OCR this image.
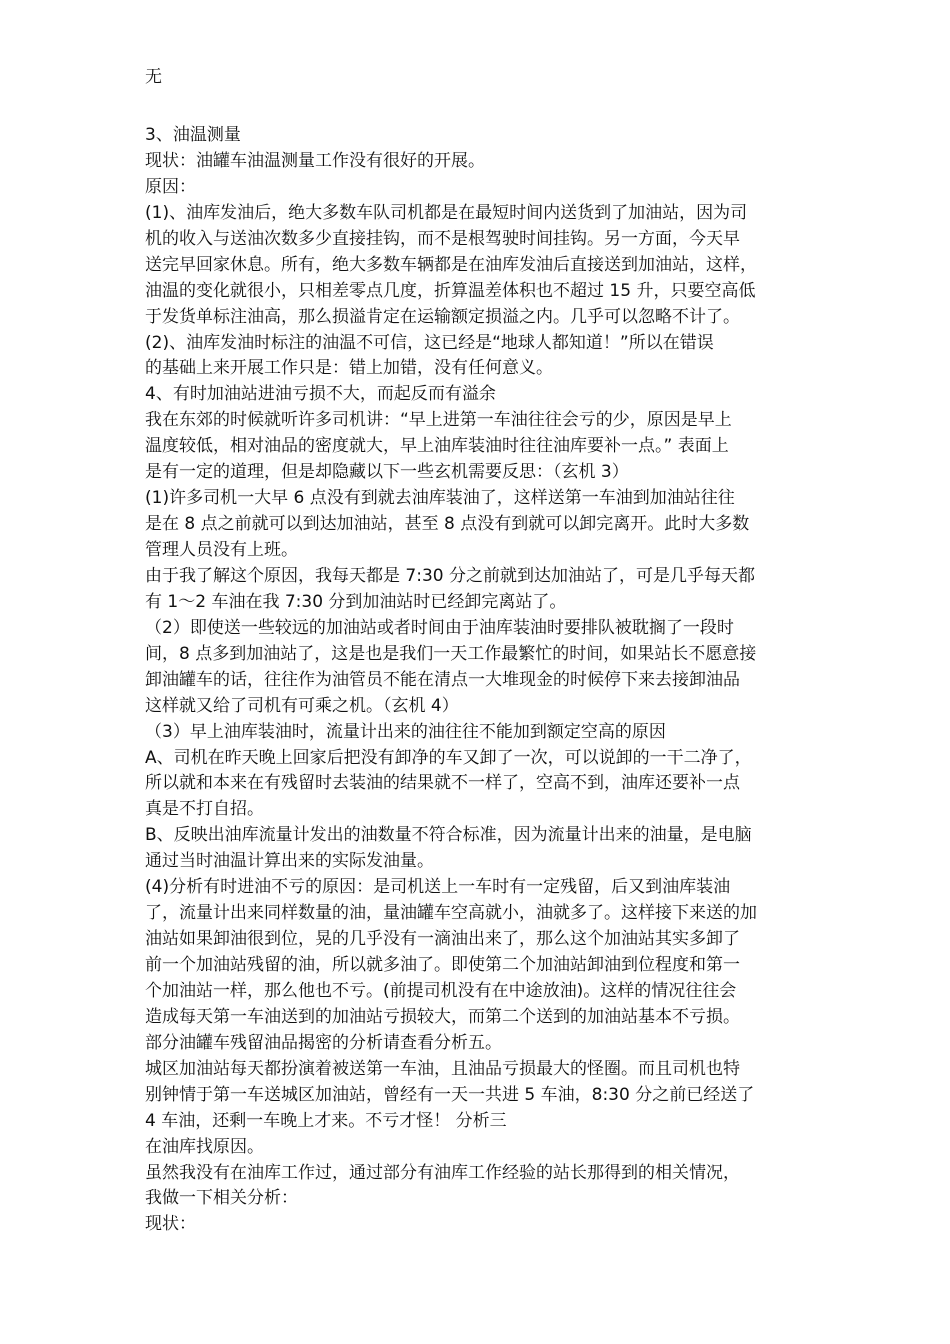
无
3、油温测量
现状：油罐车油温测量工作没有很好的开展。
原因：
(1)、油库发油后，绝大多数车队司机都是在最短时间内送货到了加油站，因为司
机的收入与送油次数多少直接挂钩，而不是根驾驶时间挂钩。另一方面，今天早
送完早回家休息。所有，绝大多数车辆都是在油库发油后直接送到加油站，这样，
油温的变化就很小，只相差零点几度，折算温差体积也不超过 15 升，只要空高低
于发货单标注油高，那么损溢肯定在运输额定损溢之内。几乎可以忽略不计了。
(2)、油库发油时标注的油温不可信，这已经是“地球人都知道！”所以在错误
的基础上来开展工作只是：错上加错，没有任何意义。
4、有时加油站进油亏损不大，而起反而有溢余
我在东郊的时候就听许多司机讲：“早上进第一车油往往会亏的少，原因是早上
温度较低，相对油品的密度就大，早上油库装油时往往油库要补一点。” 表面上
是有一定的道理，但是却隐藏以下一些玄机需要反思：（玄机 3）
(1)许多司机一大早 6 点没有到就去油库装油了，这样送第一车油到加油站往往
是在 8 点之前就可以到达加油站，甚至 8 点没有到就可以卸完离开。此时大多数
管理人员没有上班。
由于我了解这个原因，我每天都是 7:30 分之前就到达加油站了，可是几乎每天都
有 1～2 车油在我 7:30 分到加油站时已经卸完离站了。
（2）即使送一些较远的加油站或者时间由于油库装油时要排队被耽搁了一段时
间，8 点多到加油站了，这是也是我们一天工作最繁忙的时间，如果站长不愿意接
卸油罐车的话，往往作为油管员不能在清点一大堆现金的时候停下来去接卸油品
这样就又给了司机有可乘之机。（玄机 4）
（3）早上油库装油时，流量计出来的油往往不能加到额定空高的原因
A、司机在昨天晚上回家后把没有卸净的车又卸了一次，可以说卸的一干二净了，
所以就和本来在有残留时去装油的结果就不一样了，空高不到，油库还要补一点
真是不打自招。
B、反映出油库流量计发出的油数量不符合标准，因为流量计出来的油量，是电脑
通过当时油温计算出来的实际发油量。
(4)分析有时进油不亏的原因：是司机送上一车时有一定残留，后又到油库装油
了，流量计出来同样数量的油，量油罐车空高就小，油就多了。这样接下来送的加
油站如果卸油很到位，晃的几乎没有一滴油出来了，那么这个加油站其实多卸了
前一个加油站残留的油，所以就多油了。即使第二个加油站卸油到位程度和第一
个加油站一样，那么他也不亏。(前提司机没有在中途放油)。这样的情况往往会
造成每天第一车油送到的加油站亏损较大，而第二个送到的加油站基本不亏损。
部分油罐车残留油品揭密的分析请查看分析五。
城区加油站每天都扮演着被送第一车油，且油品亏损最大的怪圈。而且司机也特
别钟情于第一车送城区加油站，曾经有一天一共进 5 车油，8:30 分之前已经送了
4 车油，还剩一车晚上才来。不亏才怪！ 分析三
在油库找原因。
虽然我没有在油库工作过，通过部分有油库工作经验的站长那得到的相关情况，
我做一下相关分析：
现状：
